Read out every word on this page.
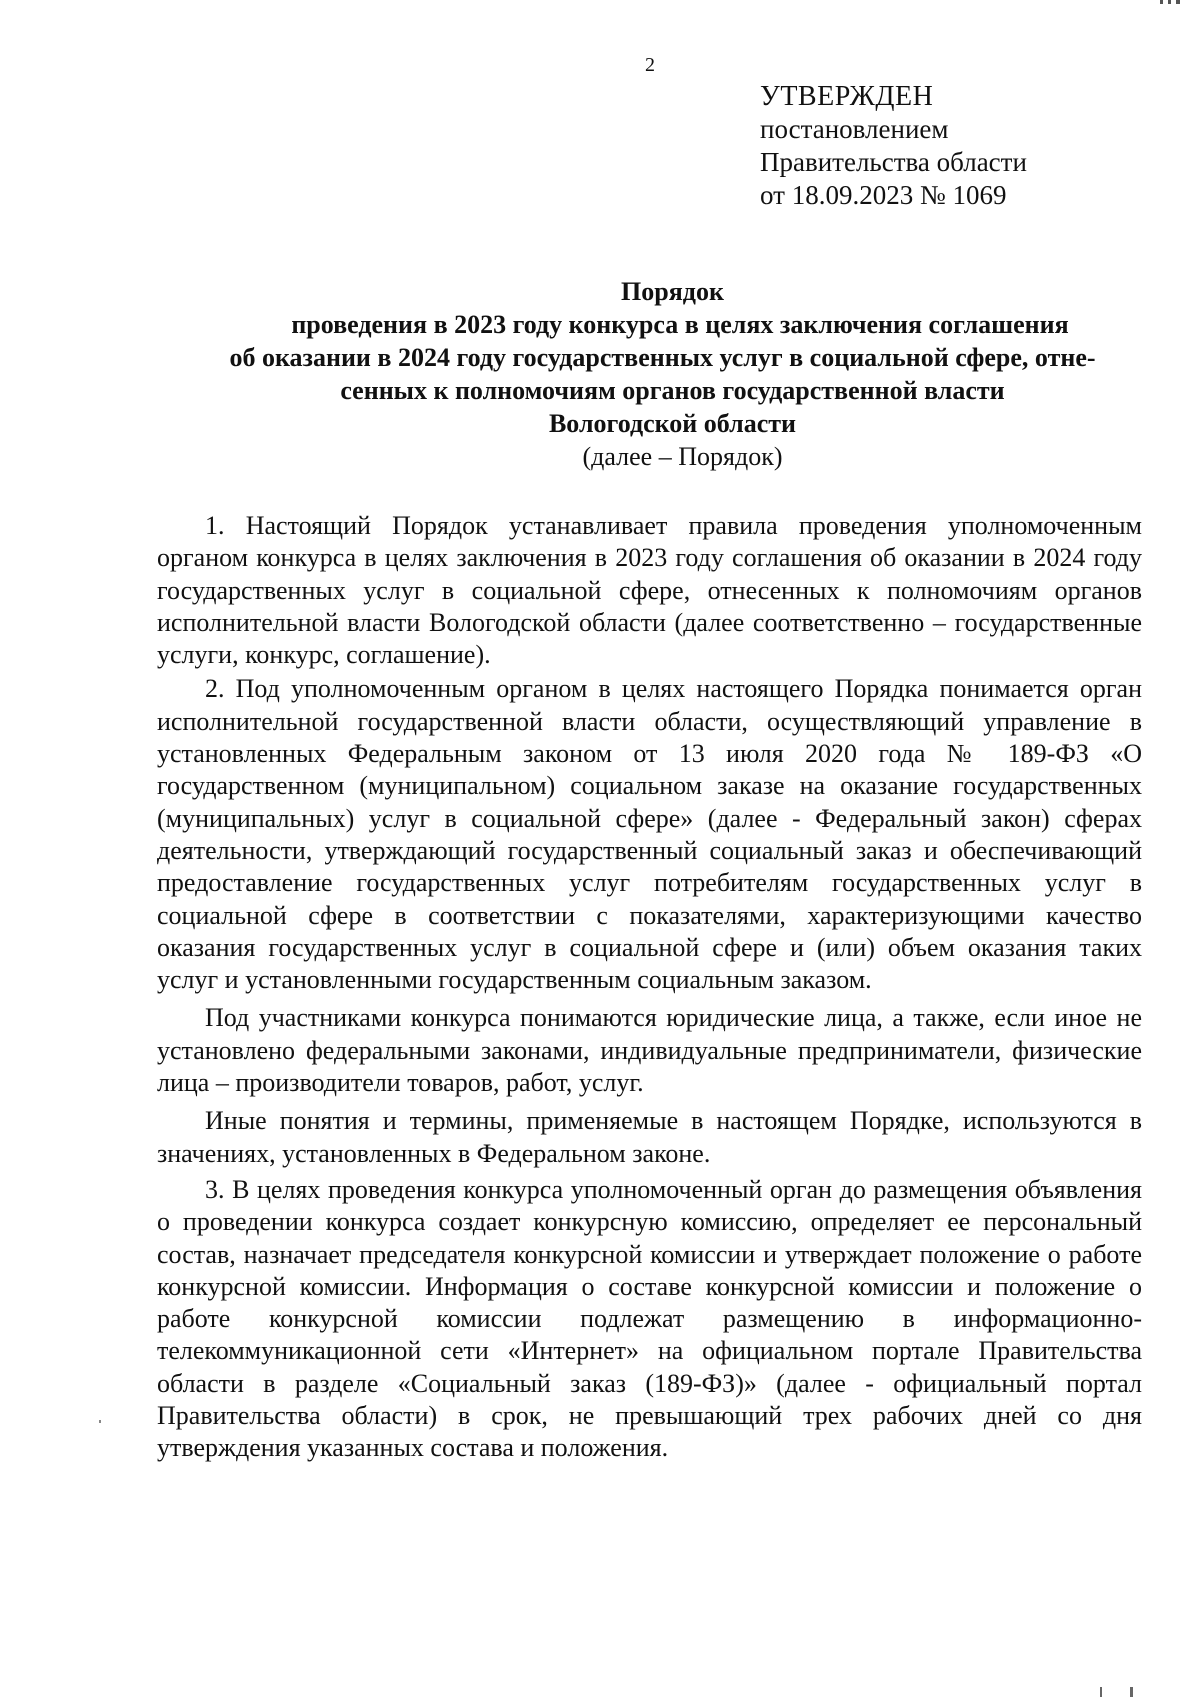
2
УТВЕРЖДЕН
постановлением
Правительства области
от 18.09.2023 № 1069
Порядок
проведения в 2023 году конкурса в целях заключения соглашения
об оказании в 2024 году государственных услуг в социальной сфере, отне-
сенных к полномочиям органов государственной власти
Вологодской области
(далее – Порядок)

1. Настоящий Порядок устанавливает правила проведения уполномоченным органом конкурса в целях заключения в 2023 году соглашения об оказании в 2024 году государственных услуг в социальной сфере, отнесенных к полномочиям органов исполнительной власти Вологодской области (далее соответственно – государственные услуги, конкурс, соглашение).

2. Под уполномоченным органом в целях настоящего Порядка понимается орган исполнительной государственной власти области, осуществляющий управление в установленных Федеральным законом от 13 июля 2020 года № 189-ФЗ «О государственном (муниципальном) социальном заказе на оказание государственных (муниципальных) услуг в социальной сфере» (далее - Федеральный закон) сферах деятельности, утверждающий государственный социальный заказ и обеспечивающий предоставление государственных услуг потребителям государственных услуг в социальной сфере в соответствии с показателями, характеризующими качество оказания государственных услуг в социальной сфере и (или) объем оказания таких услуг и установленными государственным социальным заказом.

Под участниками конкурса понимаются юридические лица, а также, если иное не установлено федеральными законами, индивидуальные предприниматели, физические лица – производители товаров, работ, услуг.

Иные понятия и термины, применяемые в настоящем Порядке, используются в значениях, установленных в Федеральном законе.

3. В целях проведения конкурса уполномоченный орган до размещения объявления о проведении конкурса создает конкурсную комиссию, определяет ее персональный состав, назначает председателя конкурсной комиссии и утверждает положение о работе конкурсной комиссии. Информация о составе конкурсной комиссии и положение о работе конкурсной комиссии подлежат размещению в информационно-телекоммуникационной сети «Интернет» на официальном портале Правительства области в разделе «Социальный заказ (189-ФЗ)» (далее - официальный портал Правительства области) в срок, не превышающий трех рабочих дней со дня утверждения указанных состава и положения.
